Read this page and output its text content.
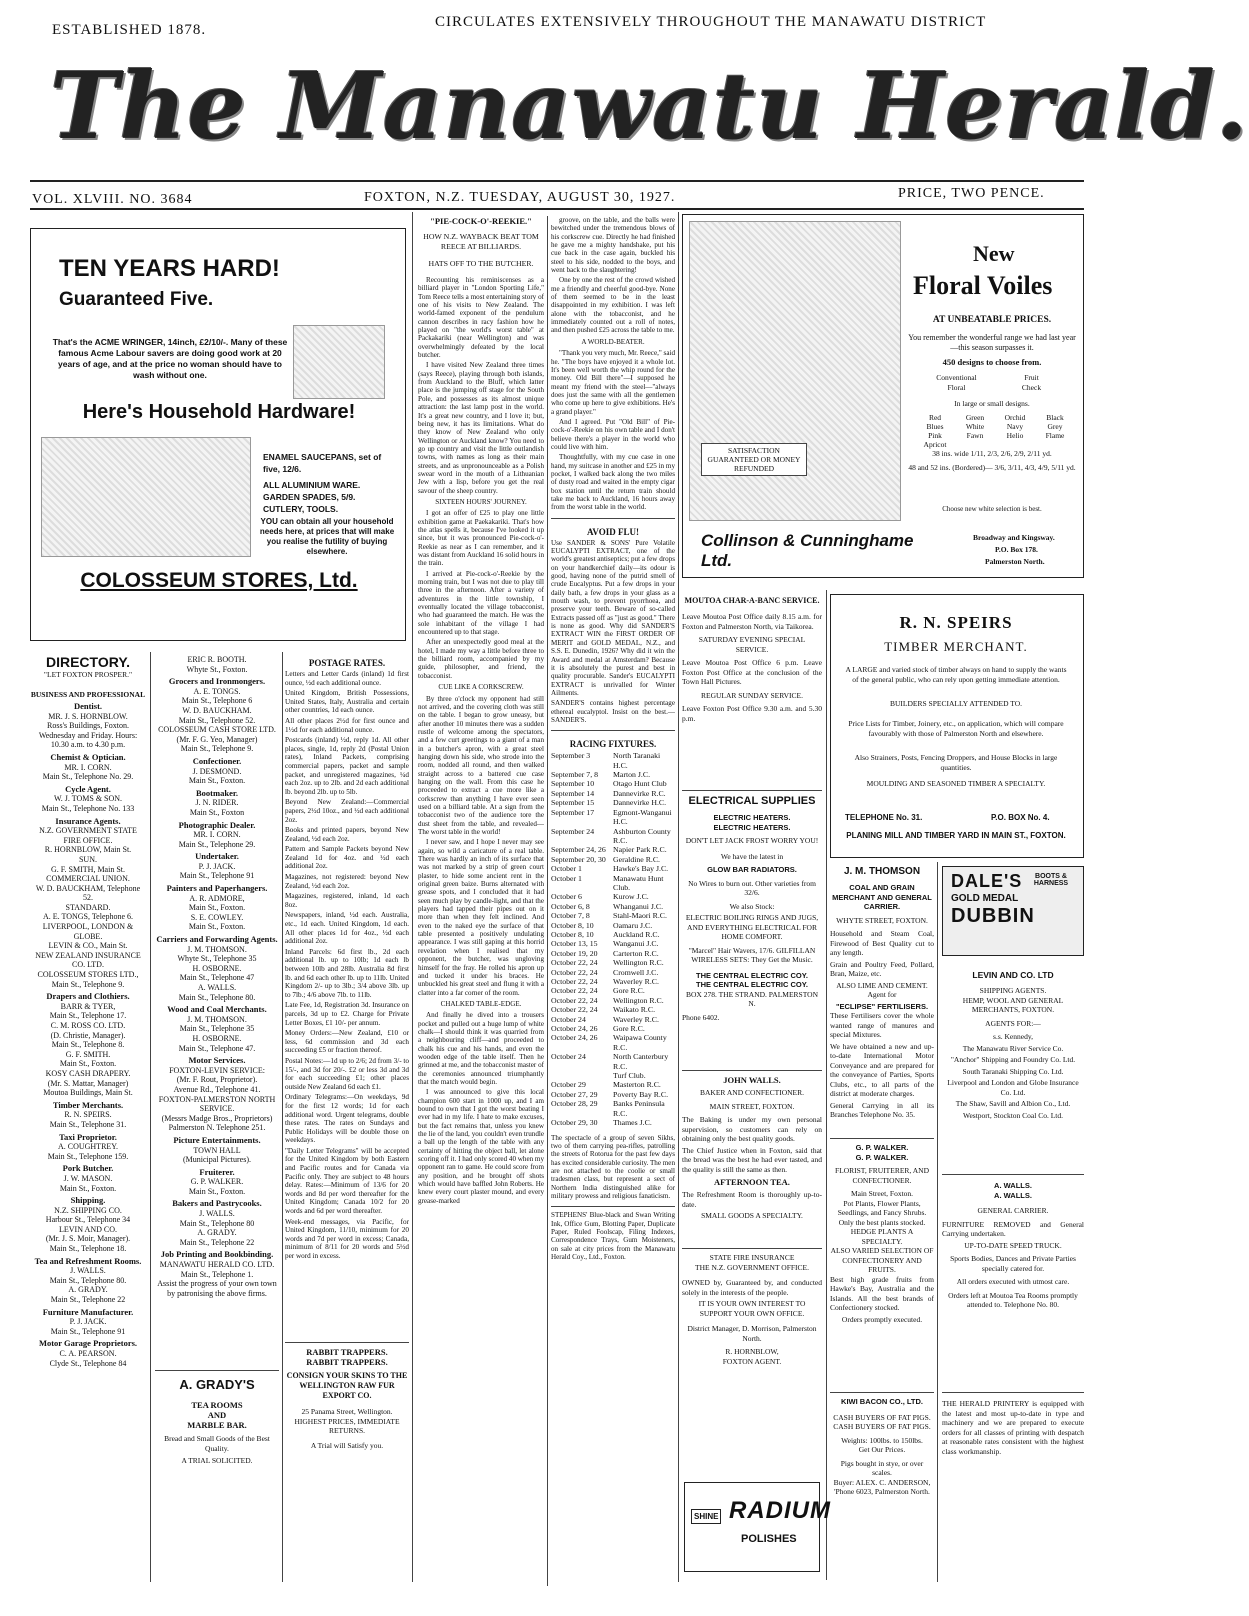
ESTABLISHED 1878.	CIRCULATES EXTENSIVELY THROUGHOUT THE MANAWATU DISTRICT
The Manawatu Herald.
VOL. XLVIII. NO. 3684	FOXTON, N.Z. TUESDAY, AUGUST 30, 1927.	PRICE, TWO PENCE.
TEN YEARS HARD!
Guaranteed Five.
That's the ACME WRINGER, 14inch, £2/10/-. Many of these famous Acme Labour savers are doing good work at 20 years of age, and at the price no woman should have to wash without one.
Here's Household Hardware!
ENAMEL SAUCEPANS, set of five, 12/6.
ALL ALUMINIUM WARE.
GARDEN SPADES, 5/9.
CUTLERY, TOOLS.
YOU can obtain all your household needs here, at prices that will make you realise the futility of buying elsewhere.
COLOSSEUM STORES, Ltd.
DIRECTORY.
"LET FOXTON PROSPER."
BUSINESS AND PROFESSIONAL
Dentist.
MR. J. S. HORNBLOW.
Ross's Buildings, Foxton.
Wednesday and Friday. Hours:
10.30 a.m. to 4.30 p.m.
Chemist & Optician.
MR. I. CORN.
Main St., Telephone No. 29.
Cycle Agent.
W. J. TOMS & SON.
Main St., Telephone No. 133
Insurance Agents.
N.Z. GOVERNMENT STATE FIRE OFFICE.
R. HORNBLOW, Main St.
SUN.
G. F. SMITH, Main St.
COMMERCIAL UNION.
W. D. BAUCKHAM, Telephone 52.
STANDARD.
A. E. TONGS, Telephone 6.
LIVERPOOL, LONDON & GLOBE.
LEVIN & CO., Main St.
NEW ZEALAND INSURANCE CO. LTD.
COLOSSEUM STORES LTD., Main St., Telephone 9.
Drapers and Clothiers.
BARR & TYER,
Main St., Telephone 17.
C. M. ROSS CO. LTD.
(D. Christie, Manager).
Main St., Telephone 8.
G. F. SMITH.
Main St., Foxton.
KOSY CASH DRAPERY.
(Mr. S. Mattar, Manager)
Moutoa Buildings, Main St.
Timber Merchants.
R. N. SPEIRS.
Main St., Telephone 31.
Taxi Proprietor.
A. COUGHTREY.
Main St., Telephone 159.
Pork Butcher.
J. W. MASON.
Main St., Foxton.
Shipping.
N.Z. SHIPPING CO.
Harbour St., Telephone 34
LEVIN AND CO.
(Mr. J. S. Moir, Manager).
Main St., Telephone 18.
Tea and Refreshment Rooms.
J. WALLS.
Main St., Telephone 80.
A. GRADY.
Main St., Telephone 22
Furniture Manufacturer.
P. J. JACK.
Main St., Telephone 91
Motor Garage Proprietors.
C. A. PEARSON.
Clyde St., Telephone 84
ERIC R. BOOTH.
Whyte St., Foxton.
Grocers and Ironmongers.
A. E. TONGS.
Main St., Telephone 6
W. D. BAUCKHAM.
Main St., Telephone 52.
COLOSSEUM CASH STORE LTD.
(Mr. F. G. Yeo, Manager)
Main St., Telephone 9.
Confectioner.
J. DESMOND.
Main St., Foxton.
Bootmaker.
J. N. RIDER.
Main St., Foxton
Photographic Dealer.
MR. I. CORN.
Main St., Telephone 29.
Undertaker.
P. J. JACK.
Main St., Telephone 91
Painters and Paperhangers.
A. R. ADMORE,
Main St., Foxton.
S. E. COWLEY.
Main St., Foxton.
Carriers and Forwarding Agents.
J. M. THOMSON.
Whyte St., Telephone 35
H. OSBORNE.
Main St., Telephone 47
A. WALLS.
Main St., Telephone 80.
Wood and Coal Merchants.
J. M. THOMSON.
Main St., Telephone 35
H. OSBORNE.
Main St., Telephone 47.
Motor Services.
FOXTON-LEVIN SERVICE:
(Mr. F. Rout, Proprietor).
Avenue Rd., Telephone 41.
FOXTON-PALMERSTON NORTH SERVICE.
(Messrs Madge Bros., Proprietors)
Palmerston N. Telephone 251.
Picture Entertainments.
TOWN HALL
(Municipal Pictures).
Fruiterer.
G. P. WALKER.
Main St., Foxton.
Bakers and Pastrycooks.
J. WALLS.
Main St., Telephone 80
A. GRADY.
Main St., Telephone 22
Job Printing and Bookbinding.
MANAWATU HERALD CO. LTD.
Main St., Telephone 1.
Assist the progress of your own town by patronising the above firms.
POSTAGE RATES.
Letters and Letter Cards (inland) 1d first ounce, ½d each additional ounce.
United Kingdom, British Possessions, United States, Italy, Australia and certain other countries, 1d each ounce.
All other places 2½d for first ounce and 1½d for each additional ounce.
Postcards (inland) ½d, reply 1d. All other places, single, 1d, reply 2d (Postal Union rates), Inland Packets, comprising commercial papers, packet and sample packet, and unregistered magazines, ¼d each 2oz. up to 2lb. and 2d each additional lb. beyond 2lb. up to 5lb.
Beyond New Zealand:—Commercial papers, 2½d 10oz., and ½d each additional 2oz.
Books and printed papers, beyond New Zealand, ½d each 2oz.
Pattern and Sample Packets beyond New Zealand 1d for 4oz. and ½d each additional 2oz.
Magazines, not registered: beyond New Zealand, ½d each 2oz.
Magazines, registered, inland, 1d each 8oz.
Newspapers, inland, ½d each. Australia, etc., 1d each. United Kingdom, 1d each. All other places 1d for 4oz., ½d each additional 2oz.
Inland Parcels: 6d first lb., 2d each additional lb. up to 10lb; 1d each lb between 10lb and 28lb. Australia 8d first lb. and 6d each other lb. up to 11lb. United Kingdom 2/- up to 3lb.; 3/4 above 3lb. up to 7lb.; 4/6 above 7lb. to 11lb.
Late Fee, 1d, Registration 3d. Insurance on parcels, 3d up to £2. Charge for Private Letter Boxes, £1 10/- per annum.
Money Orders:—New Zealand, £10 or less, 6d commission and 3d each succeeding £5 or fraction thereof.
Postal Notes:—1d up to 2/6; 2d from 3/- to 15/-, and 3d for 20/-. £2 or less 3d and 3d for each succeeding £1; other places outside New Zealand 6d each £1.
Ordinary Telegrams:—On weekdays, 9d for the first 12 words; 1d for each additional word. Urgent telegrams, double these rates. The rates on Sundays and Public Holidays will be double those on weekdays.
"Daily Letter Telegrams" will be accepted for the United Kingdom by both Eastern and Pacific routes and for Canada via Pacific only. They are subject to 48 hours delay. Rates:—Minimum of 13/6 for 20 words and 8d per word thereafter for the United Kingdom; Canada 10/2 for 20 words and 6d per word thereafter.
Week-end messages, via Pacific, for United Kingdom, 11/10, minimum for 20 words and 7d per word in excess; Canada, minimum of 8/11 for 20 words and 5½d per word in excess.
RABBIT TRAPPERS.
RABBIT TRAPPERS.
CONSIGN YOUR SKINS TO THE WELLINGTON RAW FUR EXPORT CO.
25 Panama Street, Wellington. HIGHEST PRICES, IMMEDIATE RETURNS.
A Trial will Satisfy you.
A. GRADY'S
TEA ROOMS
AND
MARBLE BAR.
Bread and Small Goods of the Best Quality.
A TRIAL SOLICITED.
"PIE-COCK-O'-REEKIE."
HOW N.Z. WAYBACK BEAT TOM REECE AT BILLIARDS.
HATS OFF TO THE BUTCHER.
Recounting his reminiscenses as a billiard player in "London Sporting Life," Tom Reece tells a most entertaining story of one of his visits to New Zealand. The world-famed exponent of the pendulum cannon describes in racy fashion how he played on "the world's worst table" at Packakariki (near Wellington) and was overwhelmingly defeated by the local butcher.
I have visited New Zealand three times (says Reece), playing through both islands, from Auckland to the Bluff, which latter place is the jumping off stage for the South Pole, and possesses as its almost unique attraction: the last lamp post in the world. It's a great new country, and I love it; but, being new, it has its limitations. What do they know of New Zealand who only Wellington or Auckland know? You need to go up country and visit the little outlandish towns, with names as long as their main streets, and as unpronounceable as a Polish swear word in the mouth of a Lithuanian Jew with a lisp, before you get the real savour of the sheep country.
SIXTEEN HOURS' JOURNEY.
I got an offer of £25 to play one little exhibition game at Paekakariki. That's how the atlas spells it, because I've looked it up since, but it was pronounced Pie-cock-o'-Reekie as near as I can remember, and it was distant from Auckland 16 solid hours in the train.
I arrived at Pie-cock-o'-Reekie by the morning train, but I was not due to play till three in the afternoon. After a variety of adventures in the little township, I eventually located the village tobacconist, who had guaranteed the match. He was the sole inhabitant of the village I had encountered up to that stage.
After an unexpectedly good meal at the hotel, I made my way a little before three to the billiard room, accompanied by my guide, philosopher, and friend, the tobacconist.
CUE LIKE A CORKSCREW.
By three o'clock my opponent had still not arrived, and the covering cloth was still on the table. I began to grow uneasy, but after another 10 minutes there was a sudden rustle of welcome among the spectators, and a few curt greetings to a giant of a man in a butcher's apron, with a great steel hanging down his side, who strode into the room, nodded all round, and then walked straight across to a battered cue case hanging on the wall. From this case he proceeded to extract a cue more like a corkscrew than anything I have ever seen used on a billiard table. At a sign from the tobacconist two of the audience tore the dust sheet from the table, and revealed—The worst table in the world!
I never saw, and I hope I never may see again, so wild a caricature of a real table. There was hardly an inch of its surface that was not marked by a strip of green court plaster, to hide some ancient rent in the original green baize. Burns alternated with grease spots, and I concluded that it had seen much play by candle-light, and that the players had tapped their pipes out on it more than when they felt inclined. And even to the naked eye the surface of that table presented a positively undulating appearance. I was still gaping at this horrid revelation when I realised that my opponent, the butcher, was ungloving himself for the fray. He rolled his apron up and tucked it under his braces. He unbuckled his great steel and flung it with a clatter into a far corner of the room.
CHALKED TABLE-EDGE.
And finally he dived into a trousers pocket and pulled out a huge lump of white chalk—I should think it was quarried from a neighbouring cliff—and proceeded to chalk his cue and his hands, and even the wooden edge of the table itself. Then he grinned at me, and the tobacconist master of the ceremonies announced triumphantly that the match would begin.
I was announced to give this local champion 600 start in 1000 up, and I am bound to own that I got the worst beating I ever had in my life. I hate to make excuses, but the fact remains that, unless you knew the lie of the land, you couldn't even trundle a ball up the length of the table with any certainty of hitting the object ball, let alone scoring off it. I had only scored 40 when my opponent ran to game. He could score from any position, and he brought off shots which would have baffled John Roberts. He knew every court plaster mound, and every grease-marked
groove, on the table, and the balls were bewitched under the tremendous blows of his corkscrew cue. Directly he had finished he gave me a mighty handshake, put his cue back in the case again, buckled his steel to his side, nodded to the boys, and went back to the slaughtering!
One by one the rest of the crowd wished me a friendly and cheerful good-bye. None of them seemed to be in the least disappointed in my exhibition. I was left alone with the tobacconist, and he immediately counted out a roll of notes, and then pushed £25 across the table to me.
A WORLD-BEATER.
"Thank you very much, Mr. Reece," said he. "The boys have enjoyed it a whole lot. It's been well worth the whip round for the money. Old Bill there"—I supposed he meant my friend with the steel—"always does just the same with all the gentlemen who come up here to give exhibitions. He's a grand player."
And I agreed. Put "Old Bill" of Pie-cock-o'-Reekie on his own table and I don't believe there's a player in the world who could live with him.
Thoughtfully, with my cue case in one hand, my suitcase in another and £25 in my pocket, I walked back along the two miles of dusty road and waited in the empty cigar box station until the return train should take me back to Auckland, 16 hours away from the worst table in the world.
AVOID FLU!
Use SANDER & SONS' Pure Volatile EUCALYPTI EXTRACT, one of the world's greatest antiseptics; put a few drops on your handkerchief daily—its odour is good, having none of the putrid smell of crude Eucalyptus. Put a few drops in your daily bath, a few drops in your glass as a mouth wash, to prevent pyorrhoea, and preserve your teeth. Beware of so-called Extracts passed off as "just as good." There is none as good. Why did SANDER'S EXTRACT WIN the FIRST ORDER OF MERIT and GOLD MEDAL, N.Z., and S.S. E. Dunedin, 1926? Why did it win the Award and medal at Amsterdam? Because it is absolutely the purest and best in quality procurable. Sander's EUCALYPTI EXTRACT is unrivalled for Winter Ailments.
SANDER'S contains highest percentage ethereal eucalyptol. Insist on the best.—SANDER'S.
RACING FIXTURES.
September 3	North Taranaki H.C.
September 7, 8	Marton J.C.
September 10	Otago Hunt Club
September 14	Dannevirke R.C.
September 15	Dannevirke H.C.
September 17	Egmont-Wanganui H.C.
September 24	Ashburton County R.C.
September 24, 26 Napier Park R.C.
September 20, 30 Geraldine R.C.
October 1	Hawke's Bay J.C.
October 1	Manawatu Hunt Club.
October 6	Kurow J.C.
October 6, 8	Whanganui J.C.
October 7, 8	Stahl-Maori R.C.
October 8, 10	Oamaru J.C.
October 8, 10	Auckland R.C.
October 13, 15	Wanganui J.C.
October 19, 20	Carterton R.C.
October 22, 24	Wellington R.C.
October 22, 24	Cromwell J.C.
October 22, 24	Waverley R.C.
October 22, 24	Gore R.C.
October 22, 24	Wellington R.C.
October 22, 24	Waikato R.C.
October 24	Waverley R.C.
October 24, 26	Gore R.C.
October 24, 26	Waipawa County R.C.
October 24	North Canterbury R.C.
Turf Club.
October 29	Masterton R.C.
October 27, 29	Poverty Bay R.C.
October 28, 29	Banks Peninsula R.C.
October 29, 30	Thames J.C.
The spectacle of a group of seven Sikhs, two of them carrying pea-rifles, patrolling the streets of Rotorua for the past few days has excited considerable curiosity. The men are not attached to the coolie or small tradesmen class, but represent a sect of Northern India distinguished alike for military prowess and religious fanaticism.
STEPHENS' Blue-black and Swan Writing Ink, Office Gum, Blotting Paper, Duplicate Paper, Ruled Foolscap, Filing Indexes, Correspondence Trays, Gum Moisteners, on sale at city prices from the Manawatu Herald Coy., Ltd., Foxton.
SATISFACTION GUARANTEED OR MONEY REFUNDED
Collinson & Cunninghame Ltd.
New
Floral Voiles
AT UNBEATABLE PRICES.
You remember the wonderful range we had last year—this season surpasses it.
450 designs to choose from.
Conventional	Fruit
Floral	Check
In large or small designs.
Red	Green	Orchid	Black
Blues	White	Navy	Grey
Pink	Fawn	Helio	Flame
Apricot
38 ins. wide 1/11, 2/3, 2/6, 2/9, 2/11 yd.
48 and 52 ins. (Bordered)— 3/6, 3/11, 4/3, 4/9, 5/11 yd.
Choose new white selection is best.
Broadway and Kingsway.
P.O. Box 178.
Palmerston North.
MOUTOA CHAR-A-BANC SERVICE.
Leave Moutoa Post Office daily 8.15 a.m. for Foxton and Palmerston North, via Taikorea.
SATURDAY EVENING SPECIAL SERVICE.
Leave Moutoa Post Office 6 p.m. Leave Foxton Post Office at the conclusion of the Town Hall Pictures.
REGULAR SUNDAY SERVICE.
Leave Foxton Post Office 9.30 a.m. and 5.30 p.m.
ELECTRICAL SUPPLIES
ELECTRIC HEATERS.
ELECTRIC HEATERS.
DON'T LET JACK FROST WORRY YOU!
We have the latest in
GLOW BAR RADIATORS.
No Wires to burn out. Other varieties from 32/6.
We also Stock:
ELECTRIC BOILING RINGS AND JUGS, AND EVERYTHING ELECTRICAL FOR HOME COMFORT.
"Marcel" Hair Wavers, 17/6. GILFILLAN WIRELESS SETS: They Get the Music.
THE CENTRAL ELECTRIC COY.
THE CENTRAL ELECTRIC COY.
BOX 278. THE STRAND. PALMERSTON N.
Phone 6402.
JOHN WALLS.
BAKER AND CONFECTIONER.
MAIN STREET, FOXTON.
The Baking is under my own personal supervision, so customers can rely on obtaining only the best quality goods.
The Chief Justice when in Foxton, said that the bread was the best he had ever tasted, and the quality is still the same as then.
AFTERNOON TEA.
The Refreshment Room is thoroughly up-to-date.
SMALL GOODS A SPECIALTY.
STATE FIRE INSURANCE
THE N.Z. GOVERNMENT OFFICE.
OWNED by, Guaranteed by, and conducted solely in the interests of the people.
IT IS YOUR OWN INTEREST TO SUPPORT YOUR OWN OFFICE.
District Manager, D. Morrison, Palmerston North.
R. HORNBLOW,
FOXTON AGENT.
SHINE RADIUM
POLISHES
R. N. SPEIRS
TIMBER MERCHANT.
A LARGE and varied stock of timber always on hand to supply the wants of the general public, who can rely upon getting immediate attention.
BUILDERS SPECIALLY ATTENDED TO.
Price Lists for Timber, Joinery, etc., on application, which will compare favourably with those of Palmerston North and elsewhere.
Also Strainers, Posts, Fencing Droppers, and House Blocks in large quantities.
MOULDING AND SEASONED TIMBER A SPECIALTY.
TELEPHONE No. 31.	P.O. BOX No. 4.
PLANING MILL AND TIMBER YARD IN MAIN ST., FOXTON.
J. M. THOMSON
COAL AND GRAIN MERCHANT AND GENERAL CARRIER.
WHYTE STREET, FOXTON.
Household and Steam Coal, Firewood of Best Quality cut to any length.
Grain and Poultry Feed, Pollard, Bran, Maize, etc.
ALSO LIME AND CEMENT. Agent for
"ECLIPSE" FERTILISERS.
These Fertilisers cover the whole wanted range of manures and special Mixtures.
We have obtained a new and up-to-date International Motor Conveyance and are prepared for the conveyance of Parties, Sports Clubs, etc., to all parts of the district at moderate charges.
General Carrying in all its Branches Telephone No. 35.
G. P. WALKER.
G. P. WALKER.
FLORIST, FRUITERER, AND CONFECTIONER.
Main Street, Foxton.
Pot Plants, Flower Plants, Seedlings, and Fancy Shrubs. Only the best plants stocked.
HEDGE PLANTS A SPECIALTY.
ALSO VARIED SELECTION OF CONFECTIONERY AND FRUITS.
Best high grade fruits from Hawke's Bay, Australia and the Islands. All the best brands of Confectionery stocked.
Orders promptly executed.
KIWI BACON CO., LTD.
CASH BUYERS OF FAT PIGS.
CASH BUYERS OF FAT PIGS.
Weights: 100lbs. to 150lbs.
Get Our Prices.
Pigs bought in stye, or over scales.
Buyer: ALEX. C. ANDERSON, 'Phone 6023, Palmerston North.
DALE'S
GOLD MEDAL
DUBBIN
BOOTS & HARNESS
LEVIN AND CO. LTD
SHIPPING AGENTS.
HEMP, WOOL AND GENERAL MERCHANTS, FOXTON.
AGENTS FOR:—
s.s. Kennedy,
The Manawatu River Service Co.
"Anchor" Shipping and Foundry Co. Ltd.
South Taranaki Shipping Co. Ltd.
Liverpool and London and Globe Insurance Co. Ltd.
The Shaw, Savill and Albion Co., Ltd.
Westport, Stockton Coal Co. Ltd.
A. WALLS.
A. WALLS.
GENERAL CARRIER.
FURNITURE REMOVED and General Carrying undertaken.
UP-TO-DATE SPEED TRUCK.
Sports Bodies, Dances and Private Parties specially catered for.
All orders executed with utmost care.
Orders left at Moutoa Tea Rooms promptly attended to. Telephone No. 80.
THE HERALD PRINTERY is equipped with the latest and most up-to-date in type and machinery and we are prepared to execute orders for all classes of printing with despatch at reasonable rates consistent with the highest class workmanship.
